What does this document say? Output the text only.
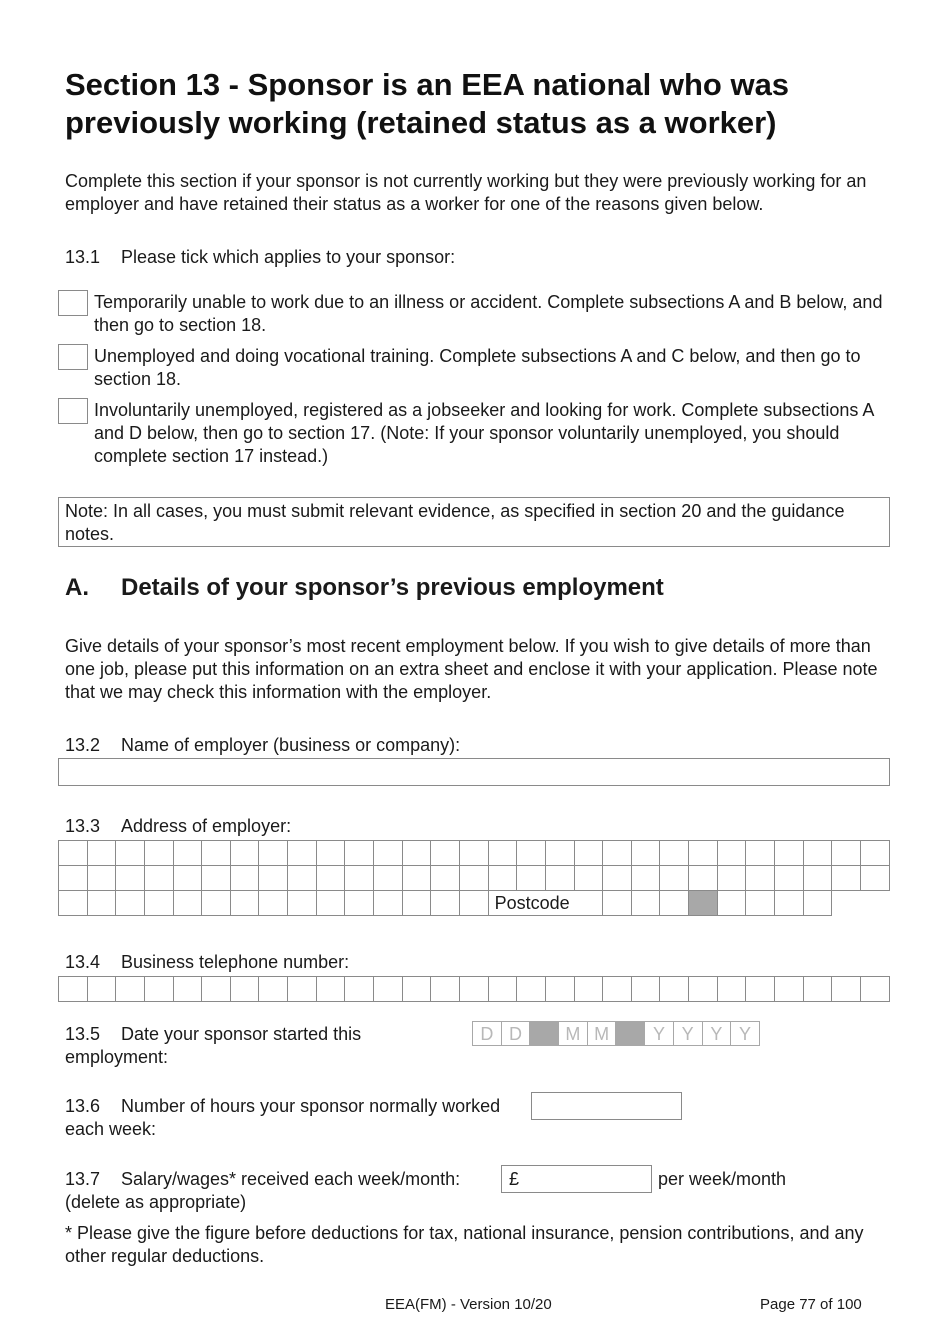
Section 13 - Sponsor is an EEA national who was previously working (retained status as a worker)
Complete this section if your sponsor is not currently working but they were previously working for an employer and have retained their status as a worker for one of the reasons given below.
13.1 Please tick which applies to your sponsor:
Temporarily unable to work due to an illness or accident. Complete subsections A and B below, and then go to section 18.
Unemployed and doing vocational training. Complete subsections A and C below, and then go to section 18.
Involuntarily unemployed, registered as a jobseeker and looking for work. Complete subsections A and D below, then go to section 17. (Note: If your sponsor voluntarily unemployed, you should complete section 17 instead.)
Note: In all cases, you must submit relevant evidence, as specified in section 20 and the guidance notes.
A. Details of your sponsor’s previous employment
Give details of your sponsor’s most recent employment below. If you wish to give details of more than one job, please put this information on an extra sheet and enclose it with your application. Please note that we may check this information with the employer.
13.2 Name of employer (business or company):
13.3 Address of employer:

															Postcode													
13.4 Business telephone number:

13.5 Date your sponsor started this
employment:
D D	M M	Y Y Y Y
13.6 Number of hours your sponsor normally worked
each week:
13.7 Salary/wages* received each week/month:
(delete as appropriate)
£	per week/month
* Please give the figure before deductions for tax, national insurance, pension contributions, and any other regular deductions.
EEA(FM) - Version 10/20	Page 77 of 100
